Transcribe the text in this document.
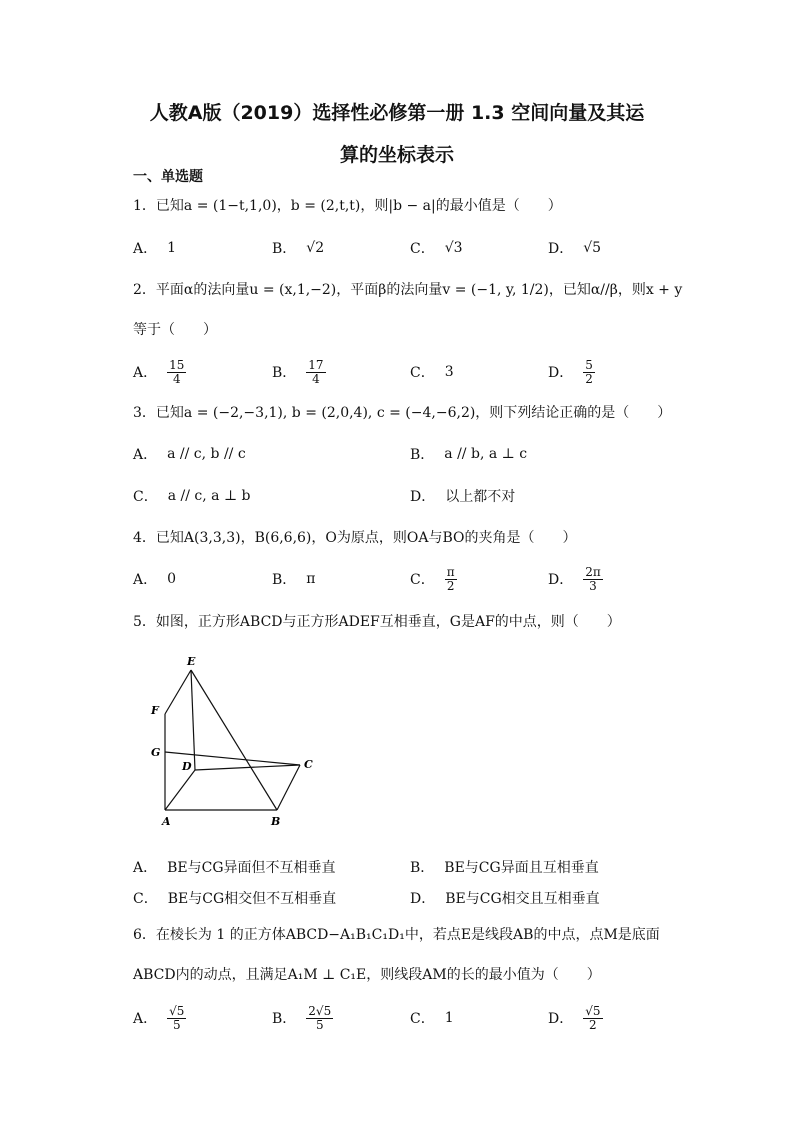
人教A版（2019）选择性必修第一册 1.3 空间向量及其运
算的坐标表示
一、单选题
1．已知a = (1−t,1,0)，b = (2,t,t)，则|b − a|的最小值是（　　）
A． 1	B． √2	C． √3	D． √5
2．平面α的法向量u = (x,1,−2)，平面β的法向量v = (−1, y, 1/2)，已知α//β，则x + y
等于（　　）
A． $\frac{15}{4}$	B． $\frac{17}{4}$	C． 3	D． $\frac{5}{2}$
3．已知a = (−2,−3,1), b = (2,0,4), c = (−4,−6,2)，则下列结论正确的是（　　）
A． a // c, b // c	B． a // b, a ⊥ c
C． a // c, a ⊥ b	D． 以上都不对
4．已知A(3,3,3)，B(6,6,6)，O为原点，则OA与BO的夹角是（　　）
A． 0	B． π	C． $\frac{\pi}{2}$	D． $\frac{2\pi}{3}$
5．如图，正方形ABCD与正方形ADEF互相垂直，G是AF的中点，则（　　）
E
F
G
D	C
A	B
A． BE与CG异面但不互相垂直	B． BE与CG异面且互相垂直
C． BE与CG相交但不互相垂直	D． BE与CG相交且互相垂直
6．在棱长为 1 的正方体ABCD−A₁B₁C₁D₁中，若点E是线段AB的中点，点M是底面
ABCD内的动点，且满足A₁M ⊥ C₁E，则线段AM的长的最小值为（　　）
A． $\frac{√5}{5}$	B． $\frac{2√5}{5}$	C． 1	D． $\frac{√5}{2}$
